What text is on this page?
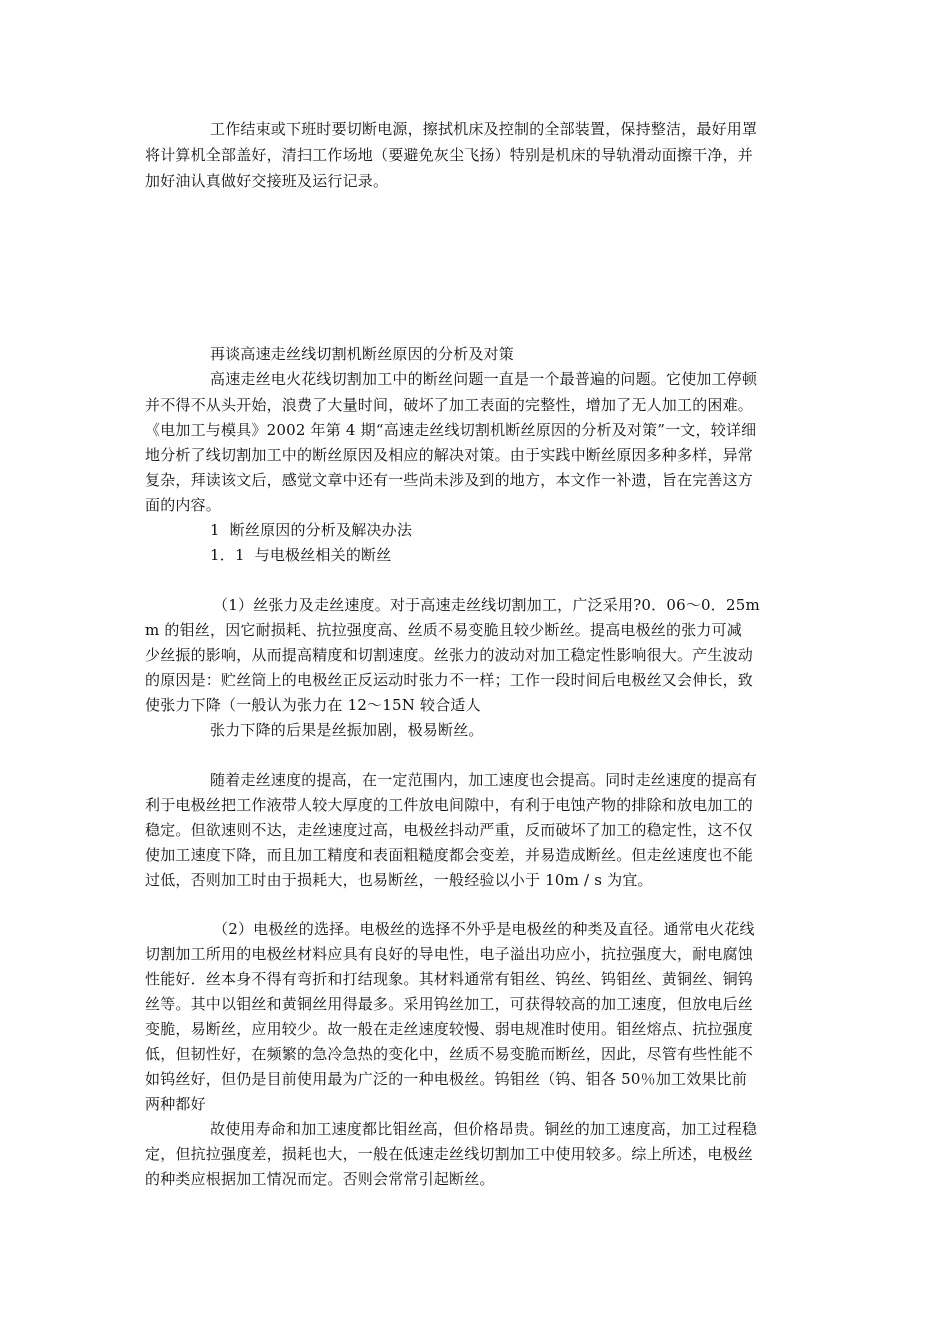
工作结束或下班时要切断电源，擦拭机床及控制的全部装置，保持整洁，最好用罩
将计算机全部盖好，清扫工作场地（要避免灰尘飞扬）特别是机床的导轨滑动面擦干净，并
加好油认真做好交接班及运行记录。
再谈高速走丝线切割机断丝原因的分析及对策
高速走丝电火花线切割加工中的断丝问题一直是一个最普遍的问题。它使加工停顿
并不得不从头开始，浪费了大量时间，破坏了加工表面的完整性，增加了无人加工的困难。
《电加工与模具》2002 年第 4 期“高速走丝线切割机断丝原因的分析及对策”一文，较详细
地分析了线切割加工中的断丝原因及相应的解决对策。由于实践中断丝原因多种多样，异常
复杂，拜读该文后，感觉文章中还有一些尚未涉及到的地方，本文作一补遗，旨在完善这方
面的内容。
1  断丝原因的分析及解决办法
1．1  与电极丝相关的断丝
（1）丝张力及走丝速度。对于高速走丝线切割加工，广泛采用?0．06～0．25m
m 的钼丝，因它耐损耗、抗拉强度高、丝质不易变脆且较少断丝。提高电极丝的张力可减
少丝振的影响，从而提高精度和切割速度。丝张力的波动对加工稳定性影响很大。产生波动
的原因是：贮丝筒上的电极丝正反运动时张力不一样；工作一段时间后电极丝又会伸长，致
使张力下降（一般认为张力在 12～15N 较合适人
张力下降的后果是丝振加剧，极易断丝。
随着走丝速度的提高，在一定范围内，加工速度也会提高。同时走丝速度的提高有
利于电极丝把工作液带人较大厚度的工件放电间隙中，有利于电蚀产物的排除和放电加工的
稳定。但欲速则不达，走丝速度过高，电极丝抖动严重，反而破坏了加工的稳定性，这不仅
使加工速度下降，而且加工精度和表面粗糙度都会变差，并易造成断丝。但走丝速度也不能
过低，否则加工时由于损耗大，也易断丝，一般经验以小于 10m / s 为宜。
（2）电极丝的选择。电极丝的选择不外乎是电极丝的种类及直径。通常电火花线
切割加工所用的电极丝材料应具有良好的导电性，电子溢出功应小，抗拉强度大，耐电腐蚀
性能好．丝本身不得有弯折和打结现象。其材料通常有钼丝、钨丝、钨钼丝、黄铜丝、铜钨
丝等。其中以钼丝和黄铜丝用得最多。采用钨丝加工，可获得较高的加工速度，但放电后丝
变脆，易断丝，应用较少。故一般在走丝速度较慢、弱电规准时使用。钼丝熔点、抗拉强度
低，但韧性好，在频繁的急冷急热的变化中，丝质不易变脆而断丝，因此，尽管有些性能不
如钨丝好，但仍是目前使用最为广泛的一种电极丝。钨钼丝（钨、钼各 50％加工效果比前
两种都好
故使用寿命和加工速度都比钼丝高，但价格昂贵。铜丝的加工速度高，加工过程稳
定，但抗拉强度差，损耗也大，一般在低速走丝线切割加工中使用较多。综上所述，电极丝
的种类应根据加工情况而定。否则会常常引起断丝。
